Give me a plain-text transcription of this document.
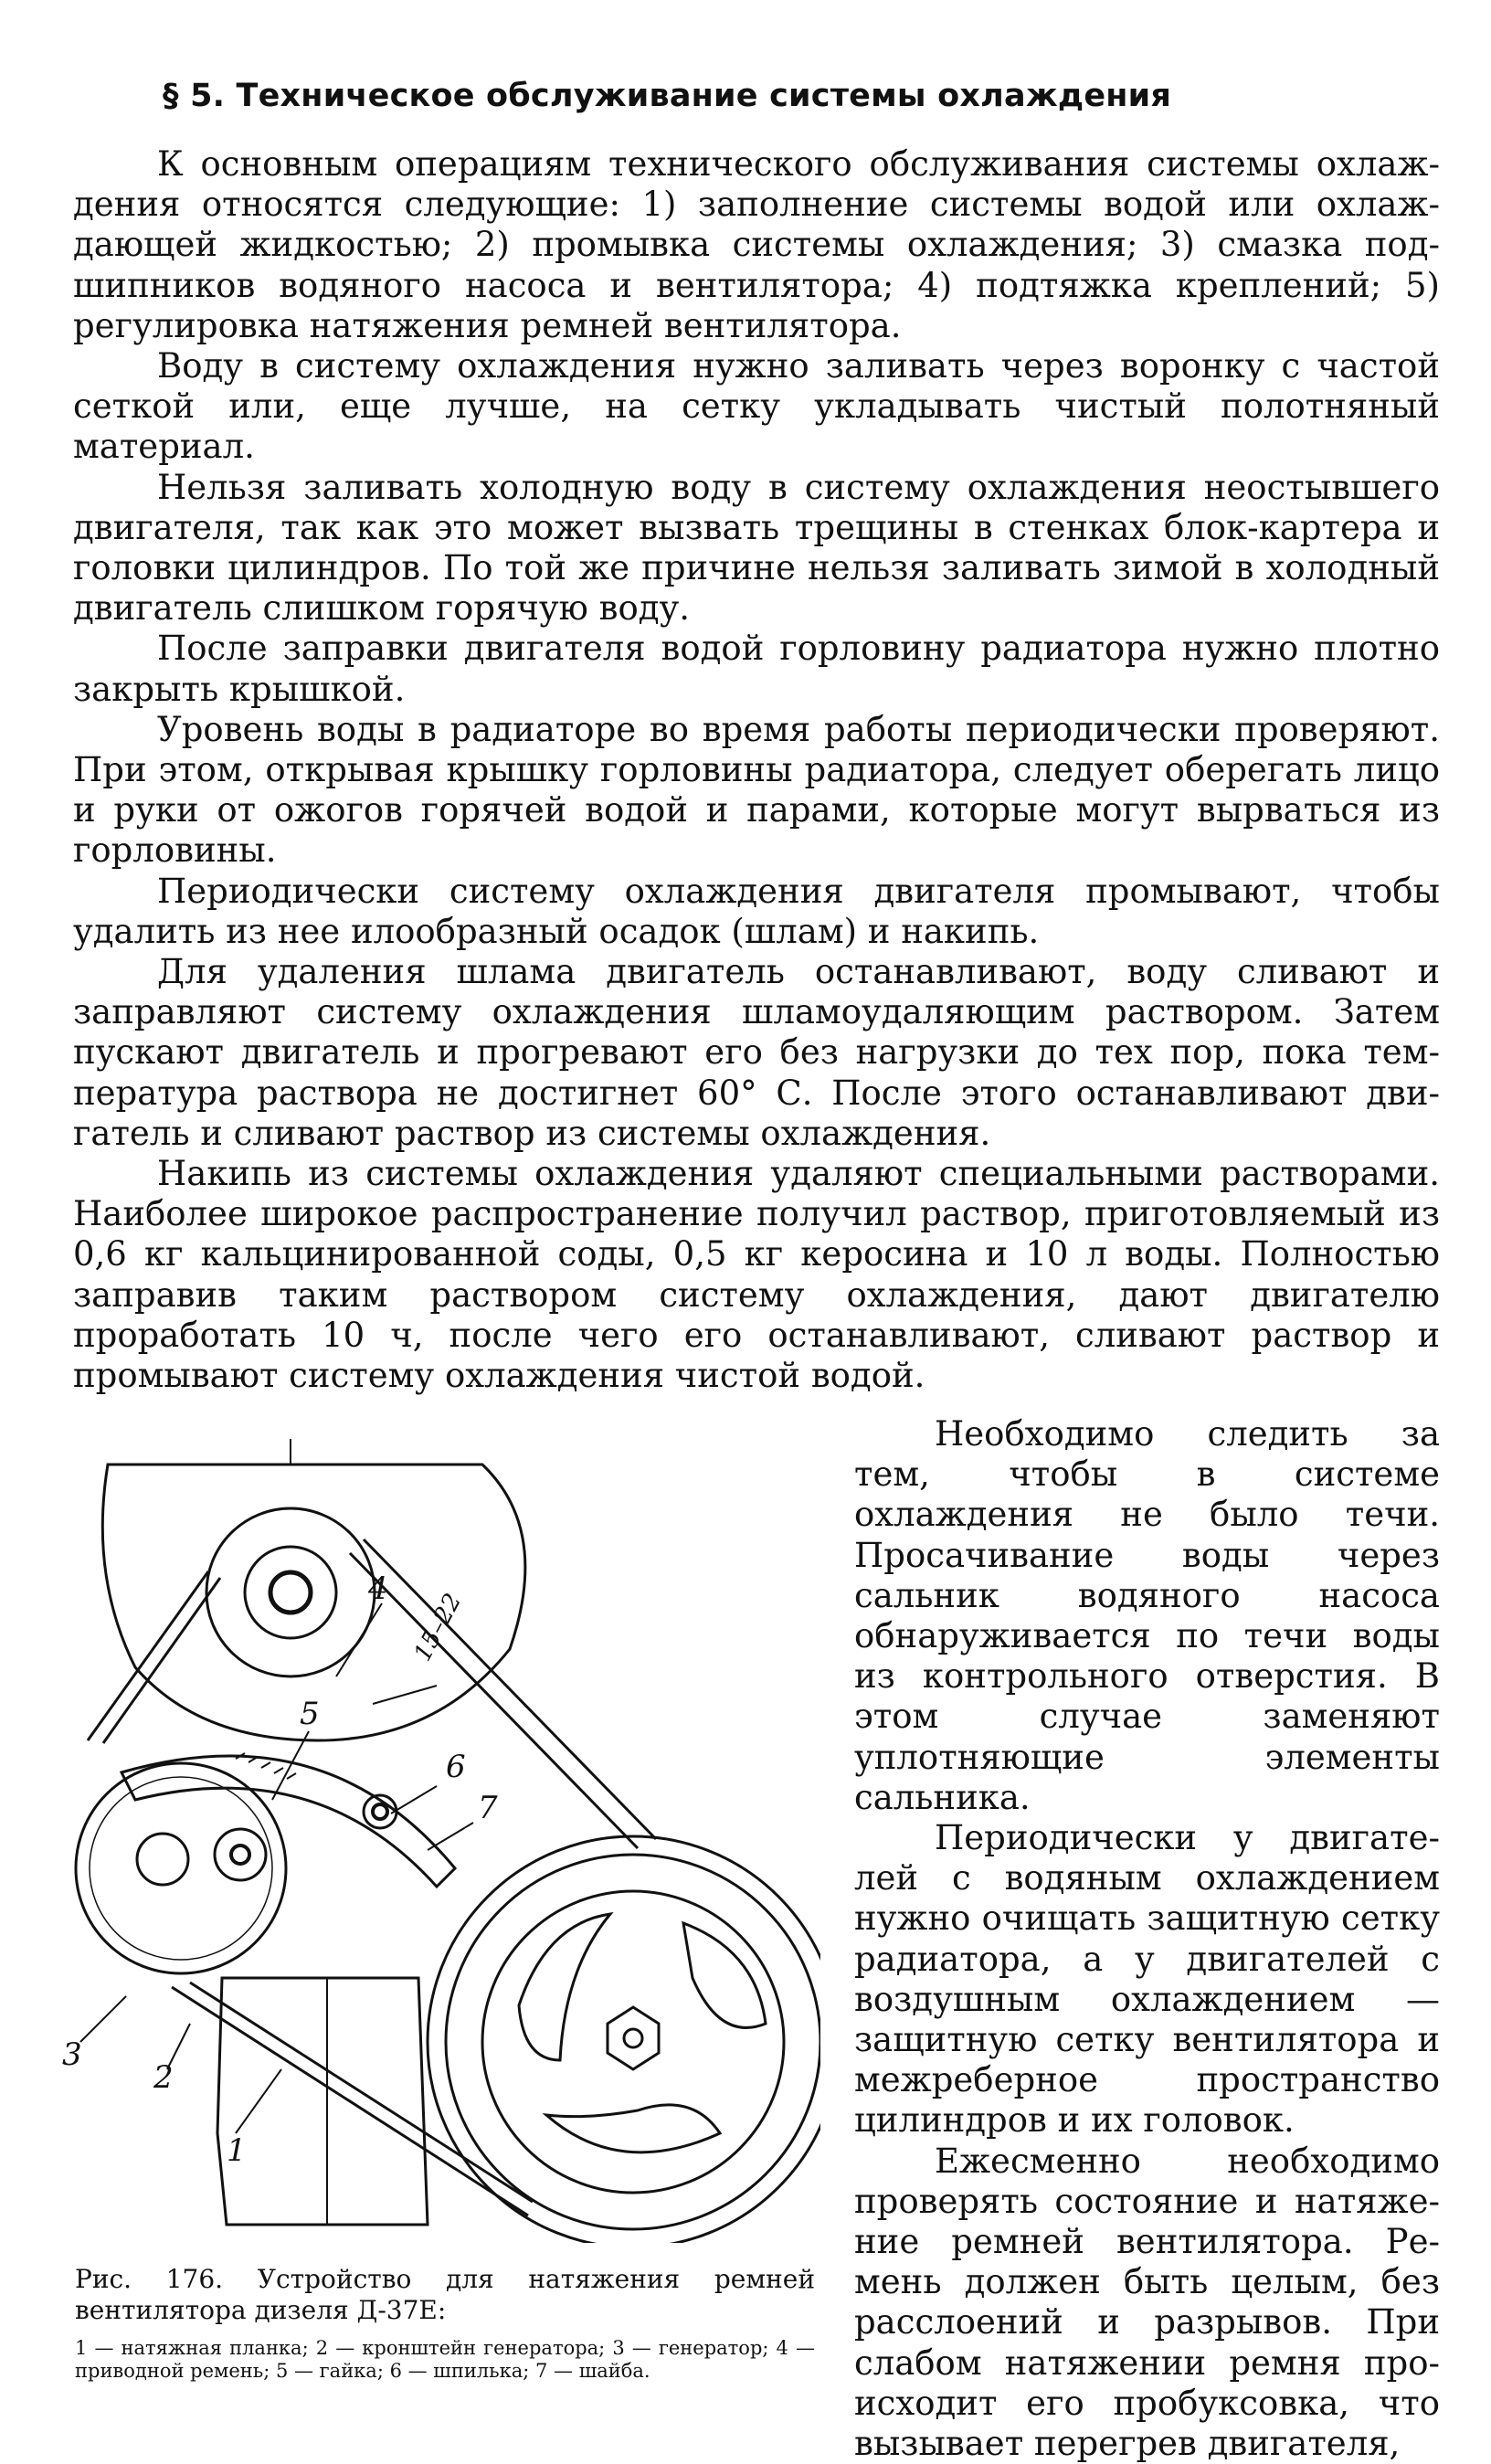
§ 5. Техническое обслуживание системы охлаждения

К основным операциям технического обслуживания системы охлаждения относятся следующие: 1) заполнение системы водой или охлаждающей жидкостью; 2) промывка системы охлаждения; 3) смазка подшипников водяного насоса и вентилятора; 4) подтяжка креплений; 5) регулировка натяжения ремней вентилятора.

Воду в систему охлаждения нужно заливать через воронку с частой сеткой или, еще лучше, на сетку укладывать чистый полотняный материал.

Нельзя заливать холодную воду в систему охлаждения неостывшего двигателя, так как это может вызвать трещины в стенках блок-картера и головки цилиндров. По той же причине нельзя заливать зимой в холодный двигатель слишком горячую воду.

После заправки двигателя водой горловину радиатора нужно плотно закрыть крышкой.

Уровень воды в радиаторе во время работы периодически проверяют. При этом, открывая крышку горловины радиатора, следует оберегать лицо и руки от ожогов горячей водой и парами, которые могут вырваться из горловины.

Периодически систему охлаждения двигателя промывают, чтобы удалить из нее илообразный осадок (шлам) и накипь.

Для удаления шлама двигатель останавливают, воду сливают и заправляют систему охлаждения шламоудаляющим раствором. Затем пускают двигатель и прогревают его без нагрузки до тех пор, пока температура раствора не достигнет 60° С. После этого останавливают двигатель и сливают раствор из системы охлаждения.

Накипь из системы охлаждения удаляют специальными растворами. Наиболее широкое распространение получил раствор, приготовляемый из 0,6 кг кальцинированной соды, 0,5 кг керосина и 10 л воды. Полностью заправив таким раствором систему охлаждения, дают двигателю проработать 10 ч, после чего его останавливают, сливают раствор и промывают систему охлаждения чистой водой.

Необходимо следить за тем, чтобы в системе охлаждения не было течи. Просачивание воды через сальник водяного насоса обнаруживается по течи воды из контрольного отверстия. В этом случае заменяют уплотняющие элементы сальника.

Периодически у двигателей с водяным охлаждением нужно очищать защитную сетку радиатора, а у двигателей с воздушным охлаждением — защитную сетку вентилятора и межреберное пространство цилиндров и их головок.

Ежесменно необходимо проверять состояние и натяжение ремней вентилятора. Ремень должен быть целым, без расслоений и разрывов. При слабом натяжении ремня происходит его пробуксовка, что вызывает перегрев двигателя,

1
2
3
4
5
6
7
15–22

Рис. 176. Устройство для натяжения ремней вентилятора дизеля Д-37Е:

1 — натяжная планка; 2 — кронштейн генератора; 3 — генератор; 4 — приводной ремень; 5 — гайка; 6 — шпилька; 7 — шайба.
